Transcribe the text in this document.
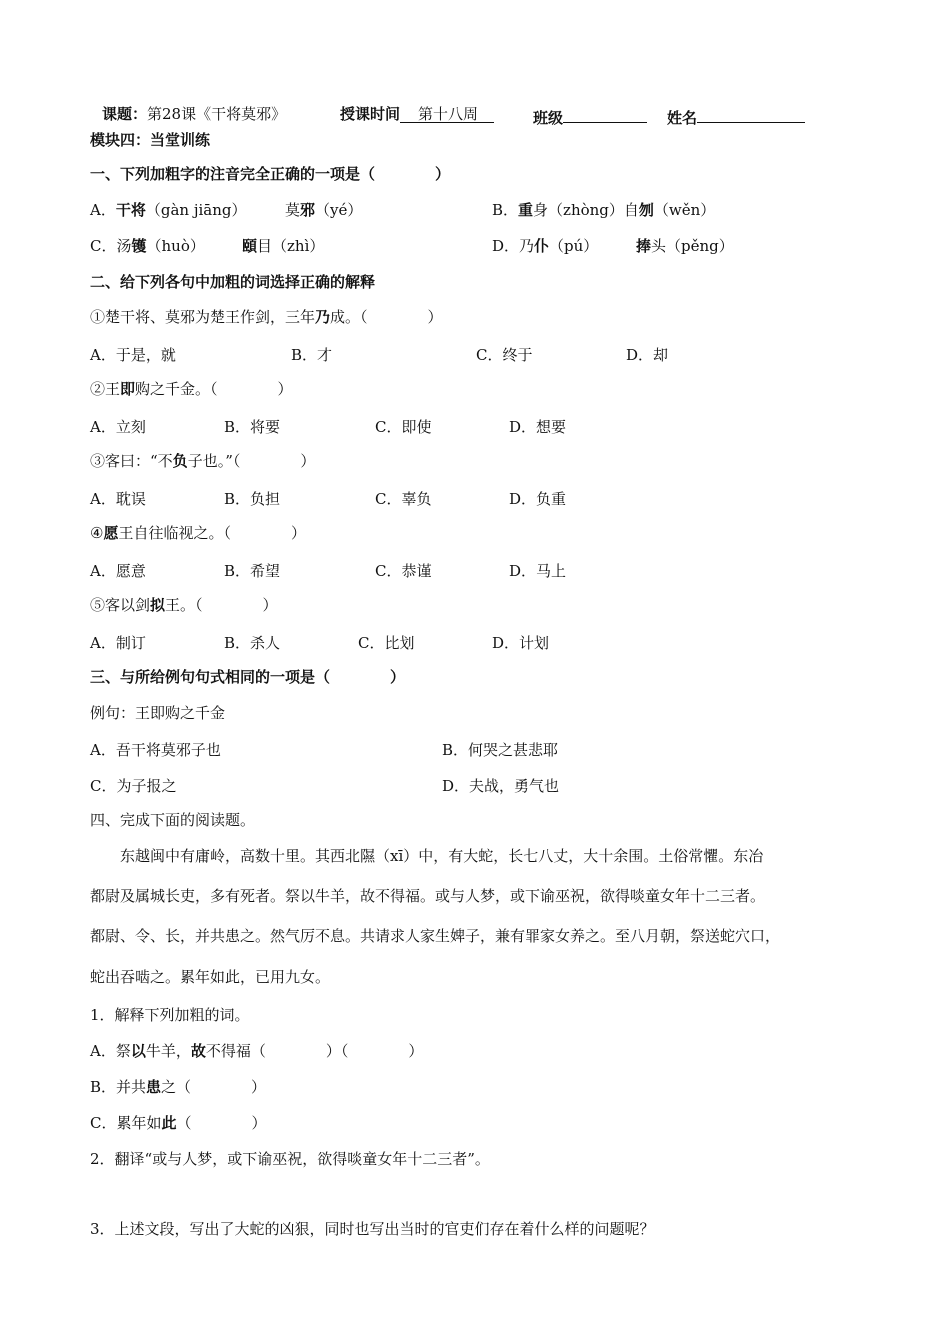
课题：第28课《干将莫邪》	授课时间 第十八周	班级	姓名
模块四：当堂训练
一、下列加粗字的注音完全正确的一项是（　　　　）
A．干将（gàn jiāng）	莫邪（yé）	B．重身（zhòng）自刎（wěn）
C．汤镬（huò） 頤目（zhì）	D．乃仆（pú）	捧头（pěng）
二、给下列各句中加粗的词选择正确的解释
①楚干将、莫邪为楚王作剑，三年乃成。（　　　　）
A．于是，就	B．才	C．终于	D．却
②王即购之千金。（　　　　）
A．立刻	B．将要	C．即使	D．想要
③客曰：“不负子也。”（　　　　）
A．耽误	B．负担	C．辜负	D．负重
④愿王自往临视之。（　　　　）
A．愿意	B．希望	C．恭谨	D．马上
⑤客以剑拟王。（　　　　）
A．制订	B．杀人	C．比划	D．计划
三、与所给例句句式相同的一项是（　　　　）
例句：王即购之千金
A．吾干将莫邪子也	B．何哭之甚悲耶
C．为子报之	D．夫战，勇气也
四、完成下面的阅读题。
　　东越闽中有庸岭，高数十里。其西北隰（xī）中，有大蛇，长七八丈，大十余围。土俗常懼。东冶
都尉及属城长吏，多有死者。祭以牛羊，故不得福。或与人梦，或下谕巫祝，欲得啖童女年十二三者。
都尉、令、长，并共患之。然气厉不息。共请求人家生婢子，兼有罪家女养之。至八月朝，祭送蛇穴口，
蛇出吞啮之。累年如此，已用九女。
1．解释下列加粗的词。
A．祭以牛羊，故不得福（　　　　）（　　　　）
B．并共患之（　　　　）
C．累年如此（　　　　）
2．翻译“或与人梦，或下谕巫祝，欲得啖童女年十二三者”。
3．上述文段，写出了大蛇的凶狠，同时也写出当时的官吏们存在着什么样的问题呢？
